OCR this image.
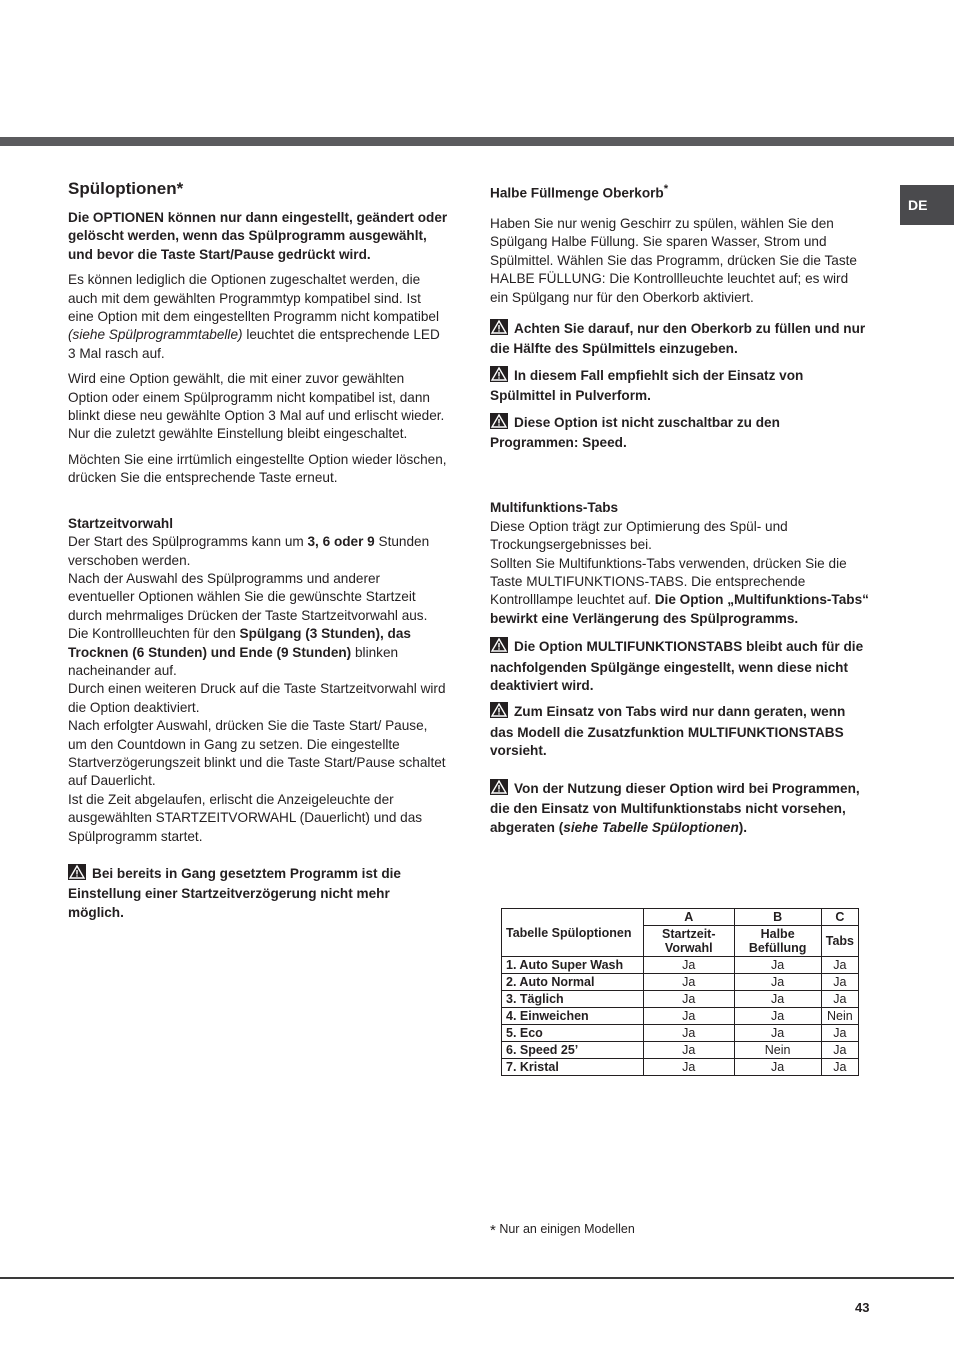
DE
Spüloptionen*

Die OPTIONEN können nur dann eingestellt, geändert oder gelöscht werden, wenn das Spülprogramm ausgewählt, und bevor die Taste Start/Pause gedrückt wird.

Es können lediglich die Optionen zugeschaltet werden, die auch mit dem gewählten Programmtyp kompatibel sind. Ist eine Option mit dem eingestellten Programm nicht kompatibel (siehe Spülprogrammtabelle) leuchtet die entsprechende LED 3 Mal rasch auf.

Wird eine Option gewählt, die mit einer zuvor gewählten Option oder einem Spülprogramm nicht kompatibel ist, dann blinkt diese neu gewählte Option 3 Mal auf und erlischt wieder. Nur die zuletzt gewählte Einstellung bleibt eingeschaltet.

Möchten Sie eine irrtümlich eingestellte Option wieder löschen, drücken Sie die entsprechende Taste erneut.

Startzeitvorwahl
Der Start des Spülprogramms kann um 3, 6 oder 9 Stunden verschoben werden.
Nach der Auswahl des Spülprogramms und anderer eventueller Optionen wählen Sie die gewünschte Startzeit durch mehrmaliges Drücken der Taste Startzeitvorwahl aus. Die Kontrollleuchten für den Spülgang (3 Stunden), das Trocknen (6 Stunden) und Ende (9 Stunden) blinken nacheinander auf.
Durch einen weiteren Druck auf die Taste Startzeitvorwahl wird die Option deaktiviert.
Nach erfolgter Auswahl, drücken Sie die Taste Start/ Pause, um den Countdown in Gang zu setzen. Die eingestellte Startverzögerungszeit blinkt und die Taste Start/Pause schaltet auf Dauerlicht.
Ist die Zeit abgelaufen, erlischt die Anzeigeleuchte der ausgewählten STARTZEITVORWAHL (Dauerlicht) und das Spülprogramm startet.

Bei bereits in Gang gesetztem Programm ist die Einstellung einer Startzeitverzögerung nicht mehr möglich.

Halbe Füllmenge Oberkorb*

Haben Sie nur wenig Geschirr zu spülen, wählen Sie den Spülgang Halbe Füllung. Sie sparen Wasser, Strom und Spülmittel. Wählen Sie das Programm, drücken Sie die Taste HALBE FÜLLUNG: Die Kontrollleuchte leuchtet auf; es wird ein Spülgang nur für den Oberkorb aktiviert.

Achten Sie darauf, nur den Oberkorb zu füllen und nur die Hälfte des Spülmittels einzugeben.

In diesem Fall empfiehlt sich der Einsatz von Spülmittel in Pulverform.

Diese Option ist nicht zuschaltbar zu den Programmen: Speed.

Multifunktions-Tabs
Diese Option trägt zur Optimierung des Spül- und Trockungsergebnisses bei.
Sollten Sie Multifunktions-Tabs verwenden, drücken Sie die Taste MULTIFUNKTIONS-TABS. Die entsprechende Kontrolllampe leuchtet auf. Die Option „Multifunktions-Tabs“ bewirkt eine Verlängerung des Spülprogramms.

Die Option MULTIFUNKTIONSTABS bleibt auch für die nachfolgenden Spülgänge eingestellt, wenn diese nicht deaktiviert wird.

Zum Einsatz von Tabs wird nur dann geraten, wenn das Modell die Zusatzfunktion MULTIFUNKTIONSTABS vorsieht.

Von der Nutzung dieser Option wird bei Programmen, die den Einsatz von Multifunktionstabs nicht vorsehen, abgeraten (siehe Tabelle Spüloptionen).

Tabelle Spüloptionen	A	B	C
	Startzeit- Vorwahl	Halbe Befüllung	Tabs
1. Auto Super Wash	Ja	Ja	Ja
2. Auto Normal	Ja	Ja	Ja
3. Täglich	Ja	Ja	Ja
4. Einweichen	Ja	Ja	Nein
5. Eco	Ja	Ja	Ja
6. Speed 25’	Ja	Nein	Ja
7. Kristal	Ja	Ja	Ja
* Nur an einigen Modellen
43
